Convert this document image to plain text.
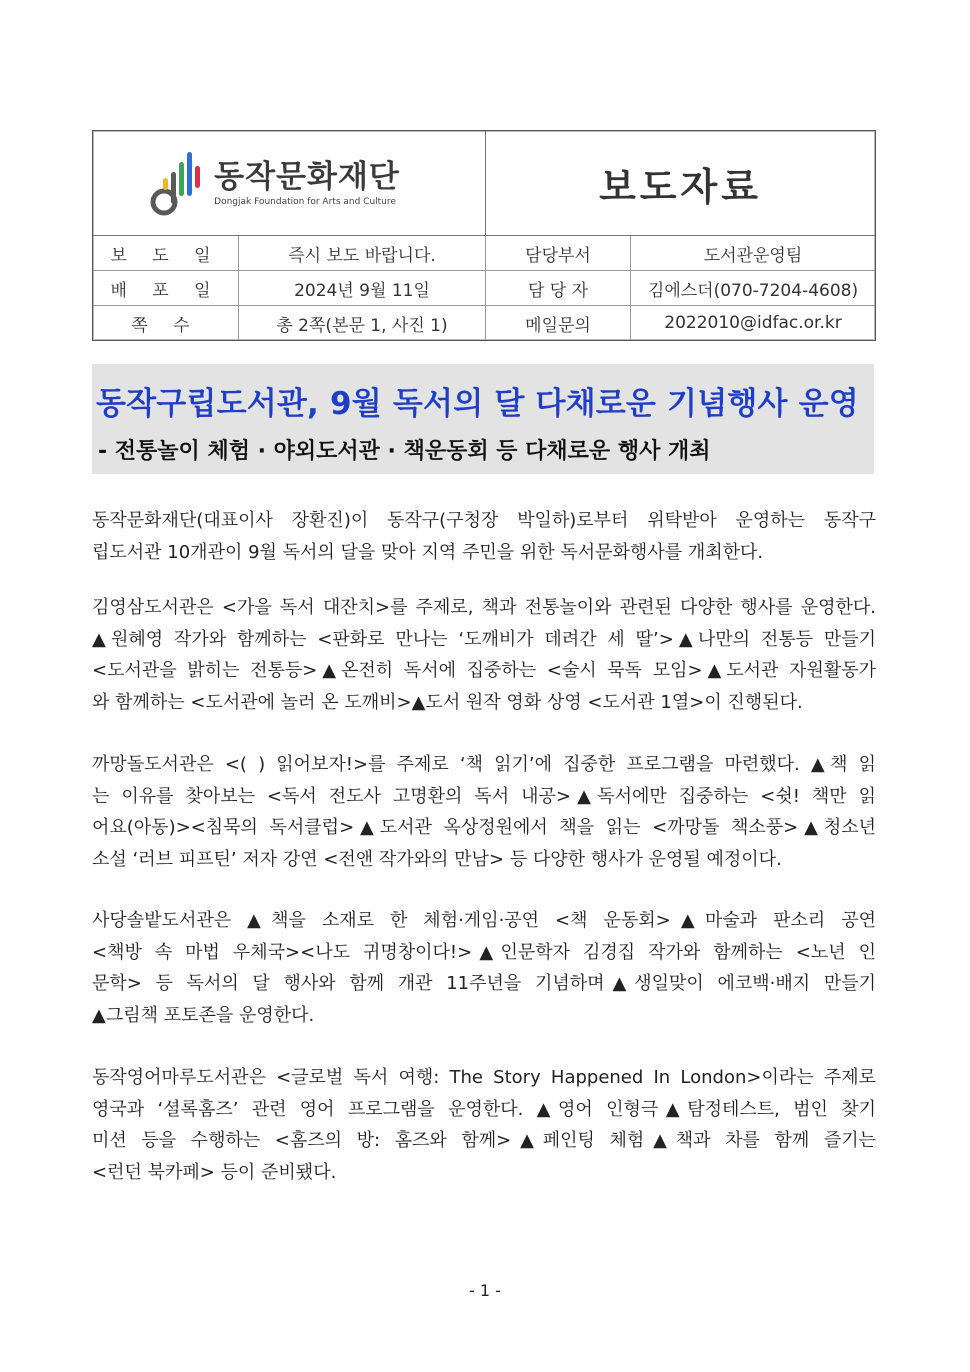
동작문화재단
Dongjak Foundation for Arts and Culture	보도자료
보 도 일	즉시 보도 바랍니다.	담당부서	도서관운영팀
배 포 일	2024년 9월 11일	담 당 자	김에스더(070-7204-4608)
쪽 수	총 2쪽(본문 1, 사진 1)	메일문의	2022010@idfac.or.kr
동작구립도서관, 9월 독서의 달 다채로운 기념행사 운영
- 전통놀이 체험 · 야외도서관 · 책운동회 등 다채로운 행사 개최
동작문화재단(대표이사 장환진)이 동작구(구청장 박일하)로부터 위탁받아 운영하는 동작구
립도서관 10개관이 9월 독서의 달을 맞아 지역 주민을 위한 독서문화행사를 개최한다.
김영삼도서관은 <가을 독서 대잔치>를 주제로, 책과 전통놀이와 관련된 다양한 행사를 운영한다.
▲원혜영 작가와 함께하는 <판화로 만나는 ‘도깨비가 데려간 세 딸’>▲나만의 전통등 만들기
<도서관을 밝히는 전통등>▲온전히 독서에 집중하는 <술시 묵독 모임>▲도서관 자원활동가
와 함께하는 <도서관에 놀러 온 도깨비>▲도서 원작 영화 상영 <도서관 1열>이 진행된다.
까망돌도서관은 <( ) 읽어보자!>를 주제로 ‘책 읽기’에 집중한 프로그램을 마련했다. ▲책 읽
는 이유를 찾아보는 <독서 전도사 고명환의 독서 내공>▲독서에만 집중하는 <쉿! 책만 읽
어요(아동)><침묵의 독서클럽>▲도서관 옥상정원에서 책을 읽는 <까망돌 책소풍>▲청소년
소설 ‘러브 피프틴’ 저자 강연 <전앤 작가와의 만남> 등 다양한 행사가 운영될 예정이다.
사당솔밭도서관은 ▲책을 소재로 한 체험·게임·공연 <책 운동회>▲마술과 판소리 공연
<책방 속 마법 우체국><나도 귀명창이다!>▲인문학자 김경집 작가와 함께하는 <노년 인
문학> 등 독서의 달 행사와 함께 개관 11주년을 기념하며▲생일맞이 에코백·배지 만들기
▲그림책 포토존을 운영한다.
동작영어마루도서관은 <글로벌 독서 여행: The Story Happened In London>이라는 주제로
영국과 ‘셜록홈즈’ 관련 영어 프로그램을 운영한다. ▲영어 인형극▲탐정테스트, 범인 찾기
미션 등을 수행하는 <홈즈의 방: 홈즈와 함께>▲페인팅 체험▲책과 차를 함께 즐기는
<런던 북카페> 등이 준비됐다.
- 1 -
